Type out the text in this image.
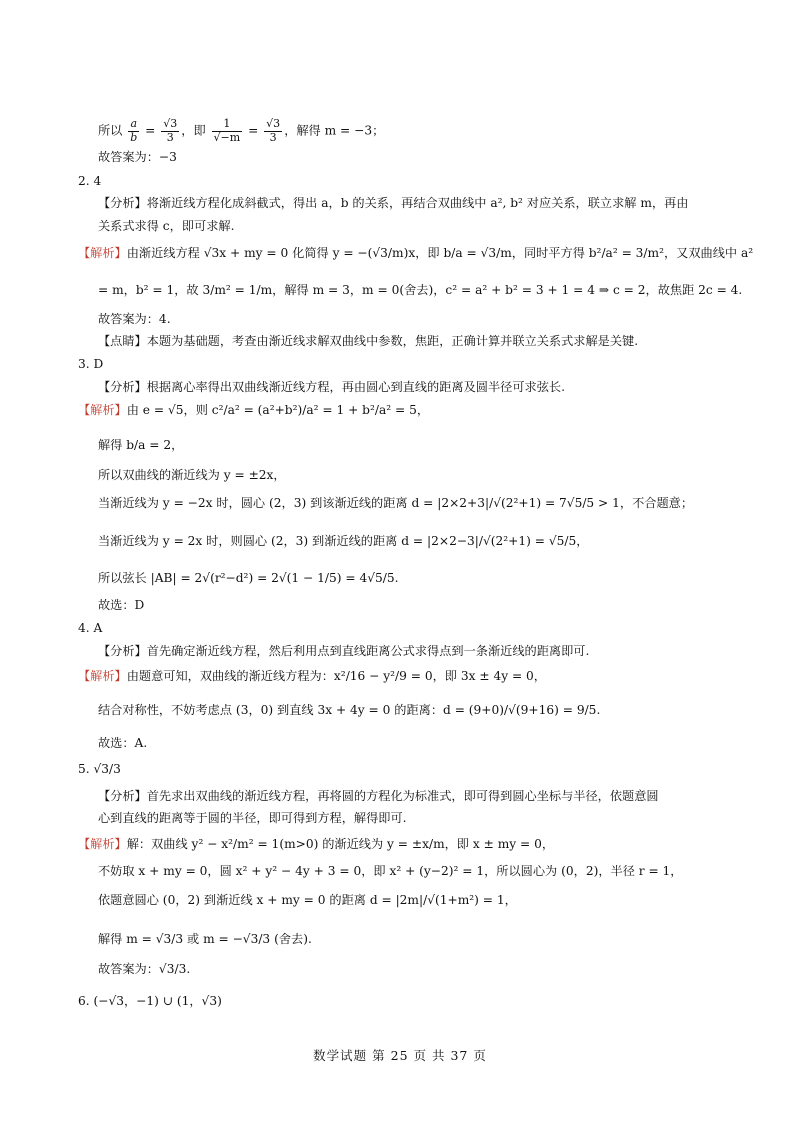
所以 $\frac{a}{b} = \frac{√3}{3}$ ，即 $\frac{1}{√-m} = \frac{√3}{3}$ ，解得 m = −3；
故答案为：−3
2. 4
【分析】将渐近线方程化成斜截式，得出 a，b 的关系，再结合双曲线中 a², b² 对应关系，联立求解 m，再由
关系式求得 c，即可求解.
【解析】由渐近线方程 √3x + my = 0 化简得 y = −(√3/m)x，即 b/a = √3/m，同时平方得 b²/a² = 3/m²，又双曲线中 a²
= m，b² = 1，故 3/m² = 1/m，解得 m = 3，m = 0(舍去)，c² = a² + b² = 3 + 1 = 4 ⇒ c = 2，故焦距 2c = 4.
故答案为：4.
【点睛】本题为基础题，考查由渐近线求解双曲线中参数，焦距，正确计算并联立关系式求解是关键.
3. D
【分析】根据离心率得出双曲线渐近线方程，再由圆心到直线的距离及圆半径可求弦长.
【解析】由 e = √5，则 c²/a² = (a²+b²)/a² = 1 + b²/a² = 5，
解得 b/a = 2，
所以双曲线的渐近线为 y = ±2x，
当渐近线为 y = −2x 时，圆心 (2，3) 到该渐近线的距离 d = |2×2+3|/√(2²+1) = 7√5/5 > 1，不合题意；
当渐近线为 y = 2x 时，则圆心 (2，3) 到渐近线的距离 d = |2×2−3|/√(2²+1) = √5/5，
所以弦长 |AB| = 2√(r²−d²) = 2√(1 − 1/5) = 4√5/5.
故选：D
4. A
【分析】首先确定渐近线方程，然后利用点到直线距离公式求得点到一条渐近线的距离即可.
【解析】由题意可知，双曲线的渐近线方程为：x²/16 − y²/9 = 0，即 3x ± 4y = 0，
结合对称性，不妨考虑点 (3，0) 到直线 3x + 4y = 0 的距离：d = (9+0)/√(9+16) = 9/5.
故选：A.
5. √3/3
【分析】首先求出双曲线的渐近线方程，再将圆的方程化为标准式，即可得到圆心坐标与半径，依题意圆
心到直线的距离等于圆的半径，即可得到方程，解得即可.
【解析】解：双曲线 y² − x²/m² = 1(m>0) 的渐近线为 y = ±x/m，即 x ± my = 0，
不妨取 x + my = 0，圆 x² + y² − 4y + 3 = 0，即 x² + (y−2)² = 1，所以圆心为 (0，2)，半径 r = 1，
依题意圆心 (0，2) 到渐近线 x + my = 0 的距离 d = |2m|/√(1+m²) = 1，
解得 m = √3/3 或 m = −√3/3 (舍去).
故答案为：√3/3.
6. (−√3，−1) ∪ (1，√3)
数学试题 第 25 页 共 37 页
